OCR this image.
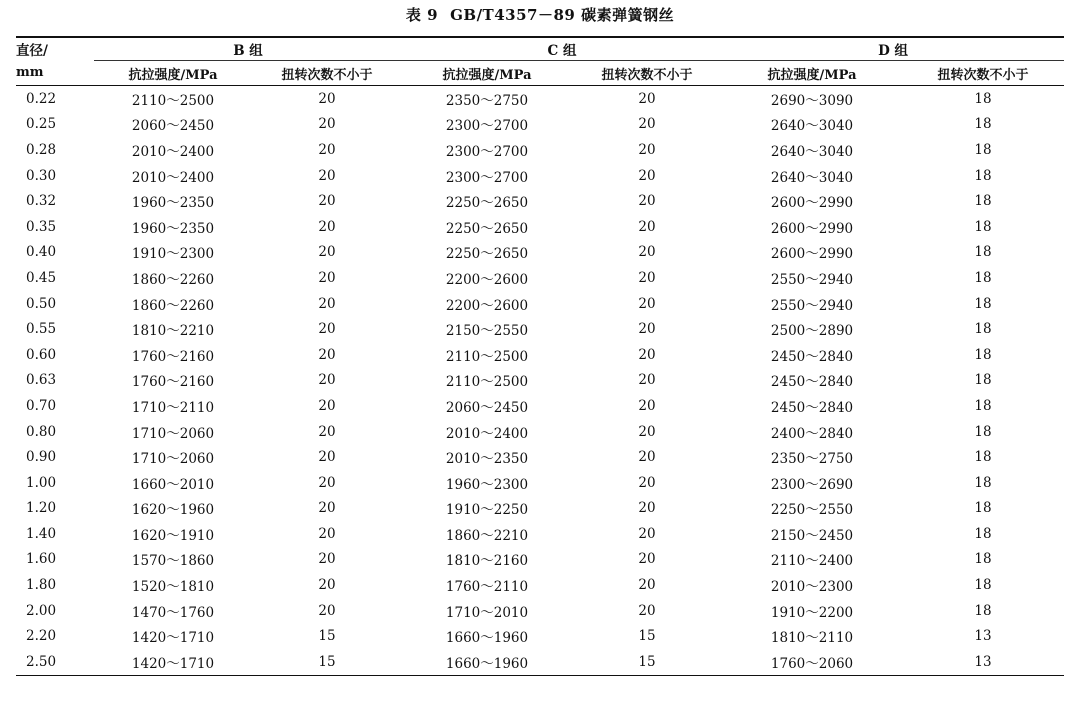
表 9 GB/T4357－89 碳素弹簧钢丝
直径/	B 组		C 组		D 组	
mm	抗拉强度/MPa	扭转次数不小于	抗拉强度/MPa	扭转次数不小于	抗拉强度/MPa	扭转次数不小于
0.22	2110～2500	20	2350～2750	20	2690～3090	18
0.25	2060～2450	20	2300～2700	20	2640～3040	18
0.28	2010～2400	20	2300～2700	20	2640～3040	18
0.30	2010～2400	20	2300～2700	20	2640～3040	18
0.32	1960～2350	20	2250～2650	20	2600～2990	18
0.35	1960～2350	20	2250～2650	20	2600～2990	18
0.40	1910～2300	20	2250～2650	20	2600～2990	18
0.45	1860～2260	20	2200～2600	20	2550～2940	18
0.50	1860～2260	20	2200～2600	20	2550～2940	18
0.55	1810～2210	20	2150～2550	20	2500～2890	18
0.60	1760～2160	20	2110～2500	20	2450～2840	18
0.63	1760～2160	20	2110～2500	20	2450～2840	18
0.70	1710～2110	20	2060～2450	20	2450～2840	18
0.80	1710～2060	20	2010～2400	20	2400～2840	18
0.90	1710～2060	20	2010～2350	20	2350～2750	18
1.00	1660～2010	20	1960～2300	20	2300～2690	18
1.20	1620～1960	20	1910～2250	20	2250～2550	18
1.40	1620～1910	20	1860～2210	20	2150～2450	18
1.60	1570～1860	20	1810～2160	20	2110～2400	18
1.80	1520～1810	20	1760～2110	20	2010～2300	18
2.00	1470～1760	20	1710～2010	20	1910～2200	18
2.20	1420～1710	15	1660～1960	15	1810～2110	13
2.50	1420～1710	15	1660～1960	15	1760～2060	13
